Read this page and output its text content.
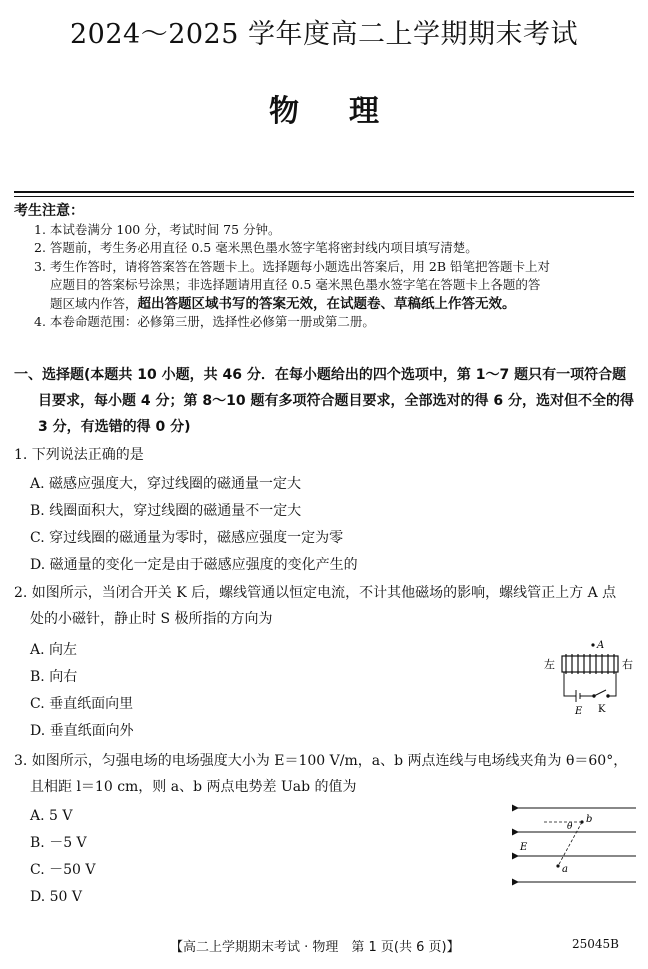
2024～2025 学年度高二上学期期末考试
物理
考生注意：
1. 本试卷满分 100 分，考试时间 75 分钟。
2. 答题前，考生务必用直径 0.5 毫米黑色墨水签字笔将密封线内项目填写清楚。
3. 考生作答时，请将答案答在答题卡上。选择题每小题选出答案后，用 2B 铅笔把答题卡上对
应题目的答案标号涂黑；非选择题请用直径 0.5 毫米黑色墨水签字笔在答题卡上各题的答
题区域内作答，超出答题区域书写的答案无效，在试题卷、草稿纸上作答无效。
4. 本卷命题范围：必修第三册，选择性必修第一册或第二册。
一、选择题(本题共 10 小题，共 46 分．在每小题给出的四个选项中，第 1～7 题只有一项符合题
目要求，每小题 4 分；第 8～10 题有多项符合题目要求，全部选对的得 6 分，选对但不全的得
3 分，有选错的得 0 分)
1. 下列说法正确的是
A. 磁感应强度大，穿过线圈的磁通量一定大
B. 线圈面积大，穿过线圈的磁通量不一定大
C. 穿过线圈的磁通量为零时，磁感应强度一定为零
D. 磁通量的变化一定是由于磁感应强度的变化产生的
2. 如图所示，当闭合开关 K 后，螺线管通以恒定电流，不计其他磁场的影响，螺线管正上方 A 点
处的小磁针，静止时 S 极所指的方向为
A. 向左
B. 向右
C. 垂直纸面向里
D. 垂直纸面向外
A
左	右
E K
3. 如图所示，匀强电场的电场强度大小为 E＝100 V/m，a、b 两点连线与电场线夹角为 θ＝60°，
且相距 l＝10 cm，则 a、b 两点电势差 Uab 的值为
A. 5 V
B. －5 V
C. －50 V
D. 50 V
b
a
θ
E
【高二上学期期末考试 · 物理　第 1 页(共 6 页)】	25045B
